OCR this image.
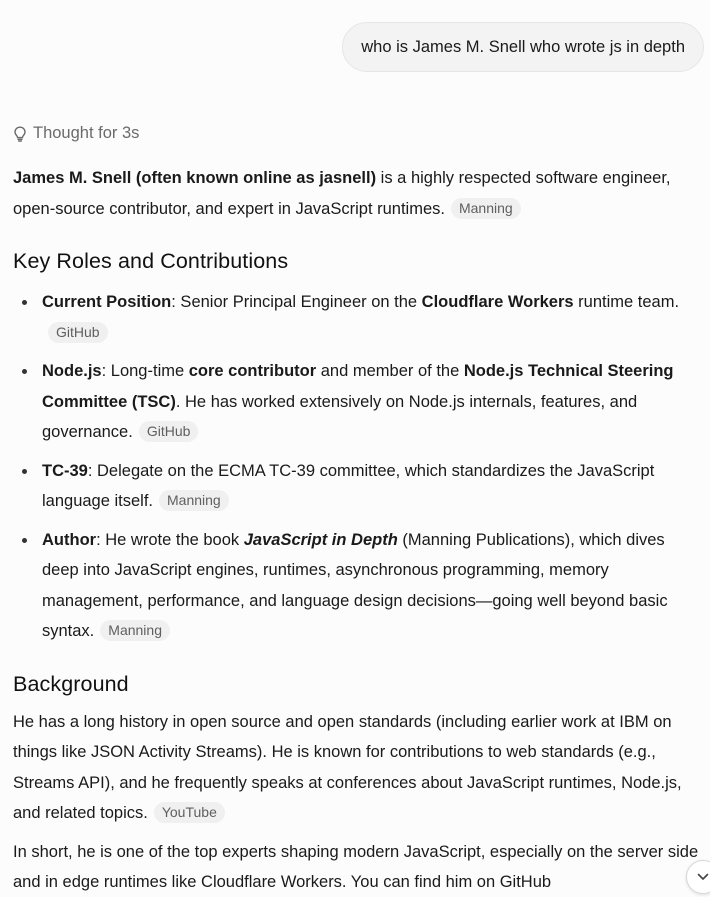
who is James M. Snell who wrote js in depth
Thought for 3s

James M. Snell (often known online as jasnell) is a highly respected software engineer, open-source contributor, and expert in JavaScript runtimes. Manning

Key Roles and Contributions
Current Position: Senior Principal Engineer on the Cloudflare Workers runtime team.GitHub
Node.js: Long-time core contributor and member of the Node.js Technical Steering Committee (TSC). He has worked extensively on Node.js internals, features, and governance. GitHub
TC-39: Delegate on the ECMA TC-39 committee, which standardizes the JavaScript language itself. Manning
Author: He wrote the book JavaScript in Depth (Manning Publications), which dives deep into JavaScript engines, runtimes, asynchronous programming, memory management, performance, and language design decisions—going well beyond basic syntax. Manning
Background

He has a long history in open source and open standards (including earlier work at IBM on things like JSON Activity Streams). He is known for contributions to web standards (e.g., Streams API), and he frequently speaks at conferences about JavaScript runtimes, Node.js, and related topics. YouTube

In short, he is one of the top experts shaping modern JavaScript, especially on the server side and in edge runtimes like Cloudflare Workers. You can find him on GitHub
